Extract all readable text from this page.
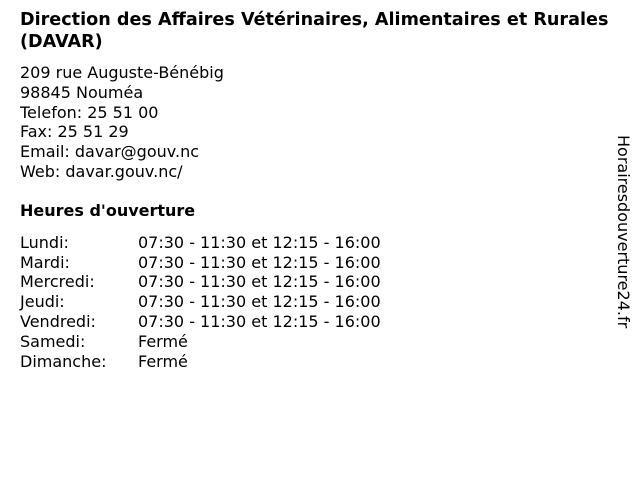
Direction des Affaires Vétérinaires, Alimentaires et Rurales (DAVAR)
209 rue Auguste-Bénébig
98845 Nouméa
Telefon: 25 51 00
Fax: 25 51 29
Email: davar@gouv.nc
Web: davar.gouv.nc/
Heures d'ouverture
Lundi:	07:30 - 11:30 et 12:15 - 16:00
Mardi:	07:30 - 11:30 et 12:15 - 16:00
Mercredi:	07:30 - 11:30 et 12:15 - 16:00
Jeudi:	07:30 - 11:30 et 12:15 - 16:00
Vendredi:	07:30 - 11:30 et 12:15 - 16:00
Samedi:	Fermé
Dimanche:	Fermé
Horairesdouverture24.fr
